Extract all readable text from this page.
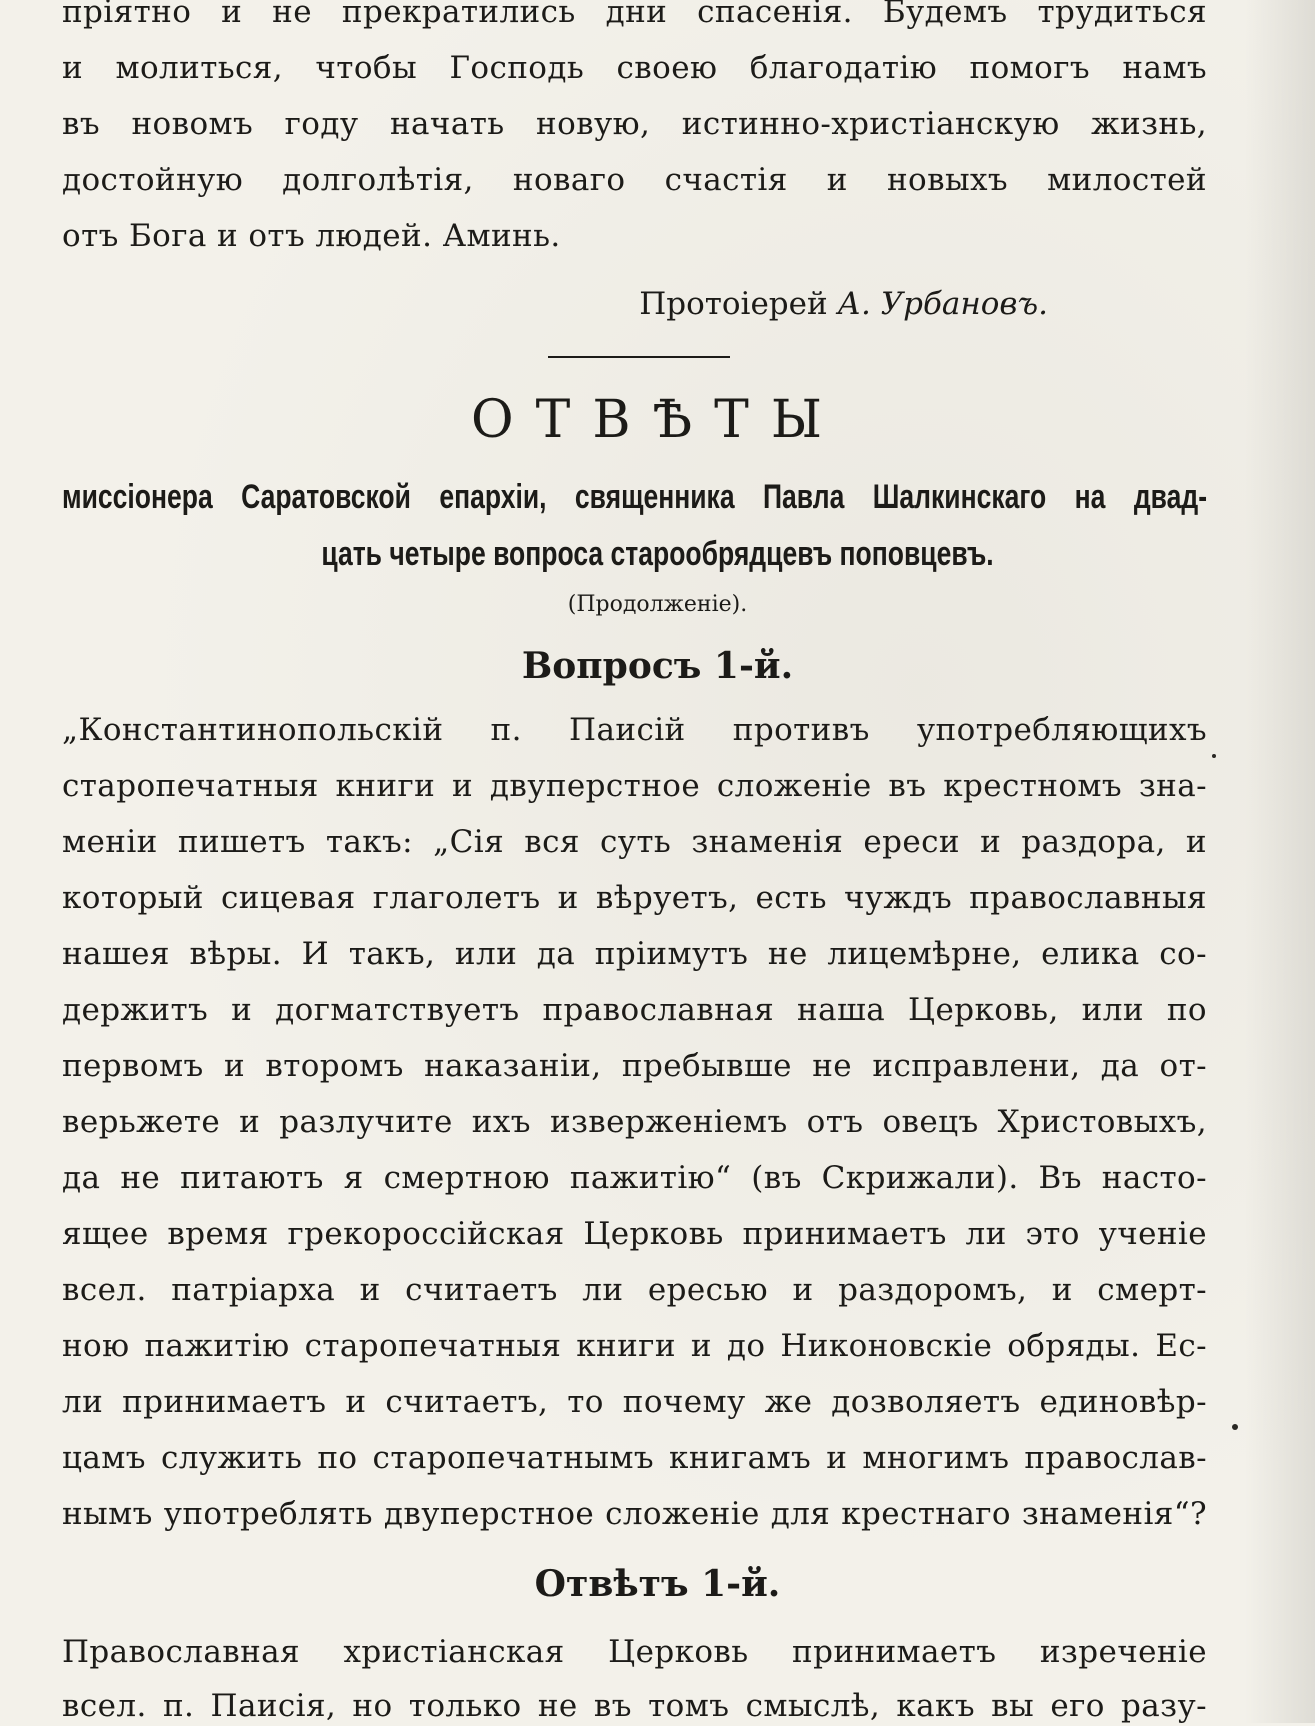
пріятно и не прекратились дни спасенія. Будемъ трудиться
и молиться, чтобы Господь своею благодатію помогъ намъ
въ новомъ году начать новую, истинно-христіанскую жизнь,
достойную долголѣтія, новаго счастія и новыхъ милостей
отъ Бога и отъ людей. Аминь.
Протоіерей А. Урбановъ.
ОТВѢТЫ
миссіонера Саратовской епархіи, священника Павла Шалкинскаго на двад-
цать четыре вопроса старообрядцевъ поповцевъ.
(Продолженіе).
Вопросъ 1-й.
„Константинопольскій п. Паисій противъ употребляющихъ
старопечатныя книги и двуперстное сложеніе въ крестномъ зна-
меніи пишетъ такъ: „Сія вся суть знаменія ереси и раздора, и
который сицевая глаголетъ и вѣруетъ, есть чуждъ православныя
нашея вѣры. И такъ, или да пріимутъ не лицемѣрне, елика со-
держитъ и догматствуетъ православная наша Церковь, или по
первомъ и второмъ наказаніи, пребывше не исправлени, да от-
верьжете и разлучите ихъ изверженіемъ отъ овецъ Христовыхъ,
да не питаютъ я смертною пажитію“ (въ Скрижали). Въ насто-
ящее время грекороссійская Церковь принимаетъ ли это ученіе
всел. патріарха и считаетъ ли ересью и раздоромъ, и смерт-
ною пажитію старопечатныя книги и до Никоновскіе обряды. Ес-
ли принимаетъ и считаетъ, то почему же дозволяетъ единовѣр-
цамъ служить по старопечатнымъ книгамъ и многимъ православ-
нымъ употреблять двуперстное сложеніе для крестнаго знаменія“?
Отвѣтъ 1-й.
Православная христіанская Церковь принимаетъ изреченіе
всел. п. Паисія, но только не въ томъ смыслѣ, какъ вы его разу-
